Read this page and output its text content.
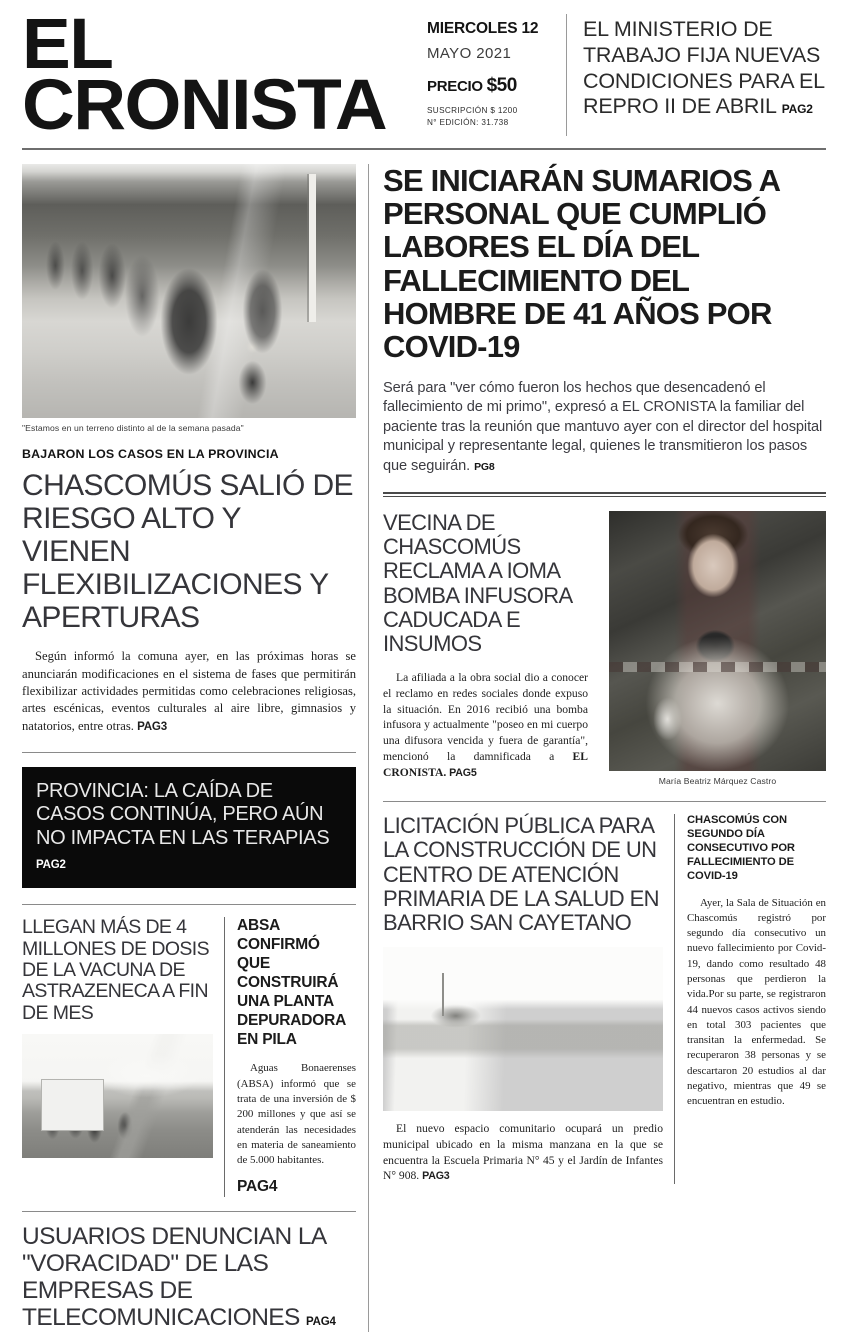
EL CRONISTA
MIERCOLES 12
MAYO 2021
PRECIO $50
SUSCRIPCIÓN $ 1200
N° EDICIÓN: 31.738
EL MINISTERIO DE TRABAJO FIJA NUEVAS CONDICIONES PARA EL REPRO II DE ABRIL PAG2
"Estamos en un terreno distinto al de la semana pasada"
BAJARON LOS CASOS EN LA PROVINCIA
CHASCOMÚS SALIÓ DE RIESGO ALTO Y VIENEN FLEXIBILIZACIONES Y APERTURAS
Según informó la comuna ayer, en las próximas horas se anunciarán modificaciones en el sistema de fases que permitirán flexibilizar actividades permitidas como celebraciones religiosas, artes escénicas, eventos culturales al aire libre, gimnasios y natatorios, entre otras. PAG3
PROVINCIA: LA CAÍDA DE CASOS CONTINÚA, PERO AÚN NO IMPACTA EN LAS TERAPIAS PAG2
LLEGAN MÁS DE 4 MILLONES DE DOSIS DE LA VACUNA DE ASTRAZENECA A FIN DE MES
ABSA CONFIRMÓ QUE CONSTRUIRÁ UNA PLANTA DEPURADORA EN PILA
Aguas Bonaerenses (ABSA) informó que se trata de una inversión de $ 200 millones y que así se atenderán las necesidades en materia de saneamiento de 5.000 habitantes.
PAG4
USUARIOS DENUNCIAN LA "VORACIDAD" DE LAS EMPRESAS DE TELECOMUNICACIONES PAG4
SE INICIARÁN SUMARIOS A PERSONAL QUE CUMPLIÓ LABORES EL DÍA DEL FALLECIMIENTO DEL HOMBRE DE 41 AÑOS POR COVID-19
Será para "ver cómo fueron los hechos que desencadenó el fallecimiento de mi primo", expresó a EL CRONISTA la familiar del paciente tras la reunión que mantuvo ayer con el director del hospital municipal y representante legal, quienes le transmitieron los pasos que seguirán. PG8
VECINA DE CHASCOMÚS RECLAMA A IOMA BOMBA INFUSORA CADUCADA E INSUMOS
La afiliada a la obra social dio a conocer el reclamo en redes sociales donde expuso la situación. En 2016 recibió una bomba infusora y actualmente "poseo en mi cuerpo una difusora vencida y fuera de garantía", mencionó la damnificada a EL CRONISTA. PAG5
María Beatriz Márquez Castro
LICITACIÓN PÚBLICA PARA LA CONSTRUCCIÓN DE UN CENTRO DE ATENCIÓN PRIMARIA DE LA SALUD EN BARRIO SAN CAYETANO
El nuevo espacio comunitario ocupará un predio municipal ubicado en la misma manzana en la que se encuentra la Escuela Primaria N° 45 y el Jardín de Infantes N° 908. PAG3
CHASCOMÚS CON SEGUNDO DÍA CONSECUTIVO POR FALLECIMIENTO DE COVID-19
Ayer, la Sala de Situación en Chascomús registró por segundo día consecutivo un nuevo fallecimiento por Covid-19, dando como resultado 48 personas que perdieron la vida.Por su parte, se registraron 44 nuevos casos activos siendo en total 303 pacientes que transitan la enfermedad. Se recuperaron 38 personas y se descartaron 20 estudios al dar negativo, mientras que 49 se encuentran en estudio.
